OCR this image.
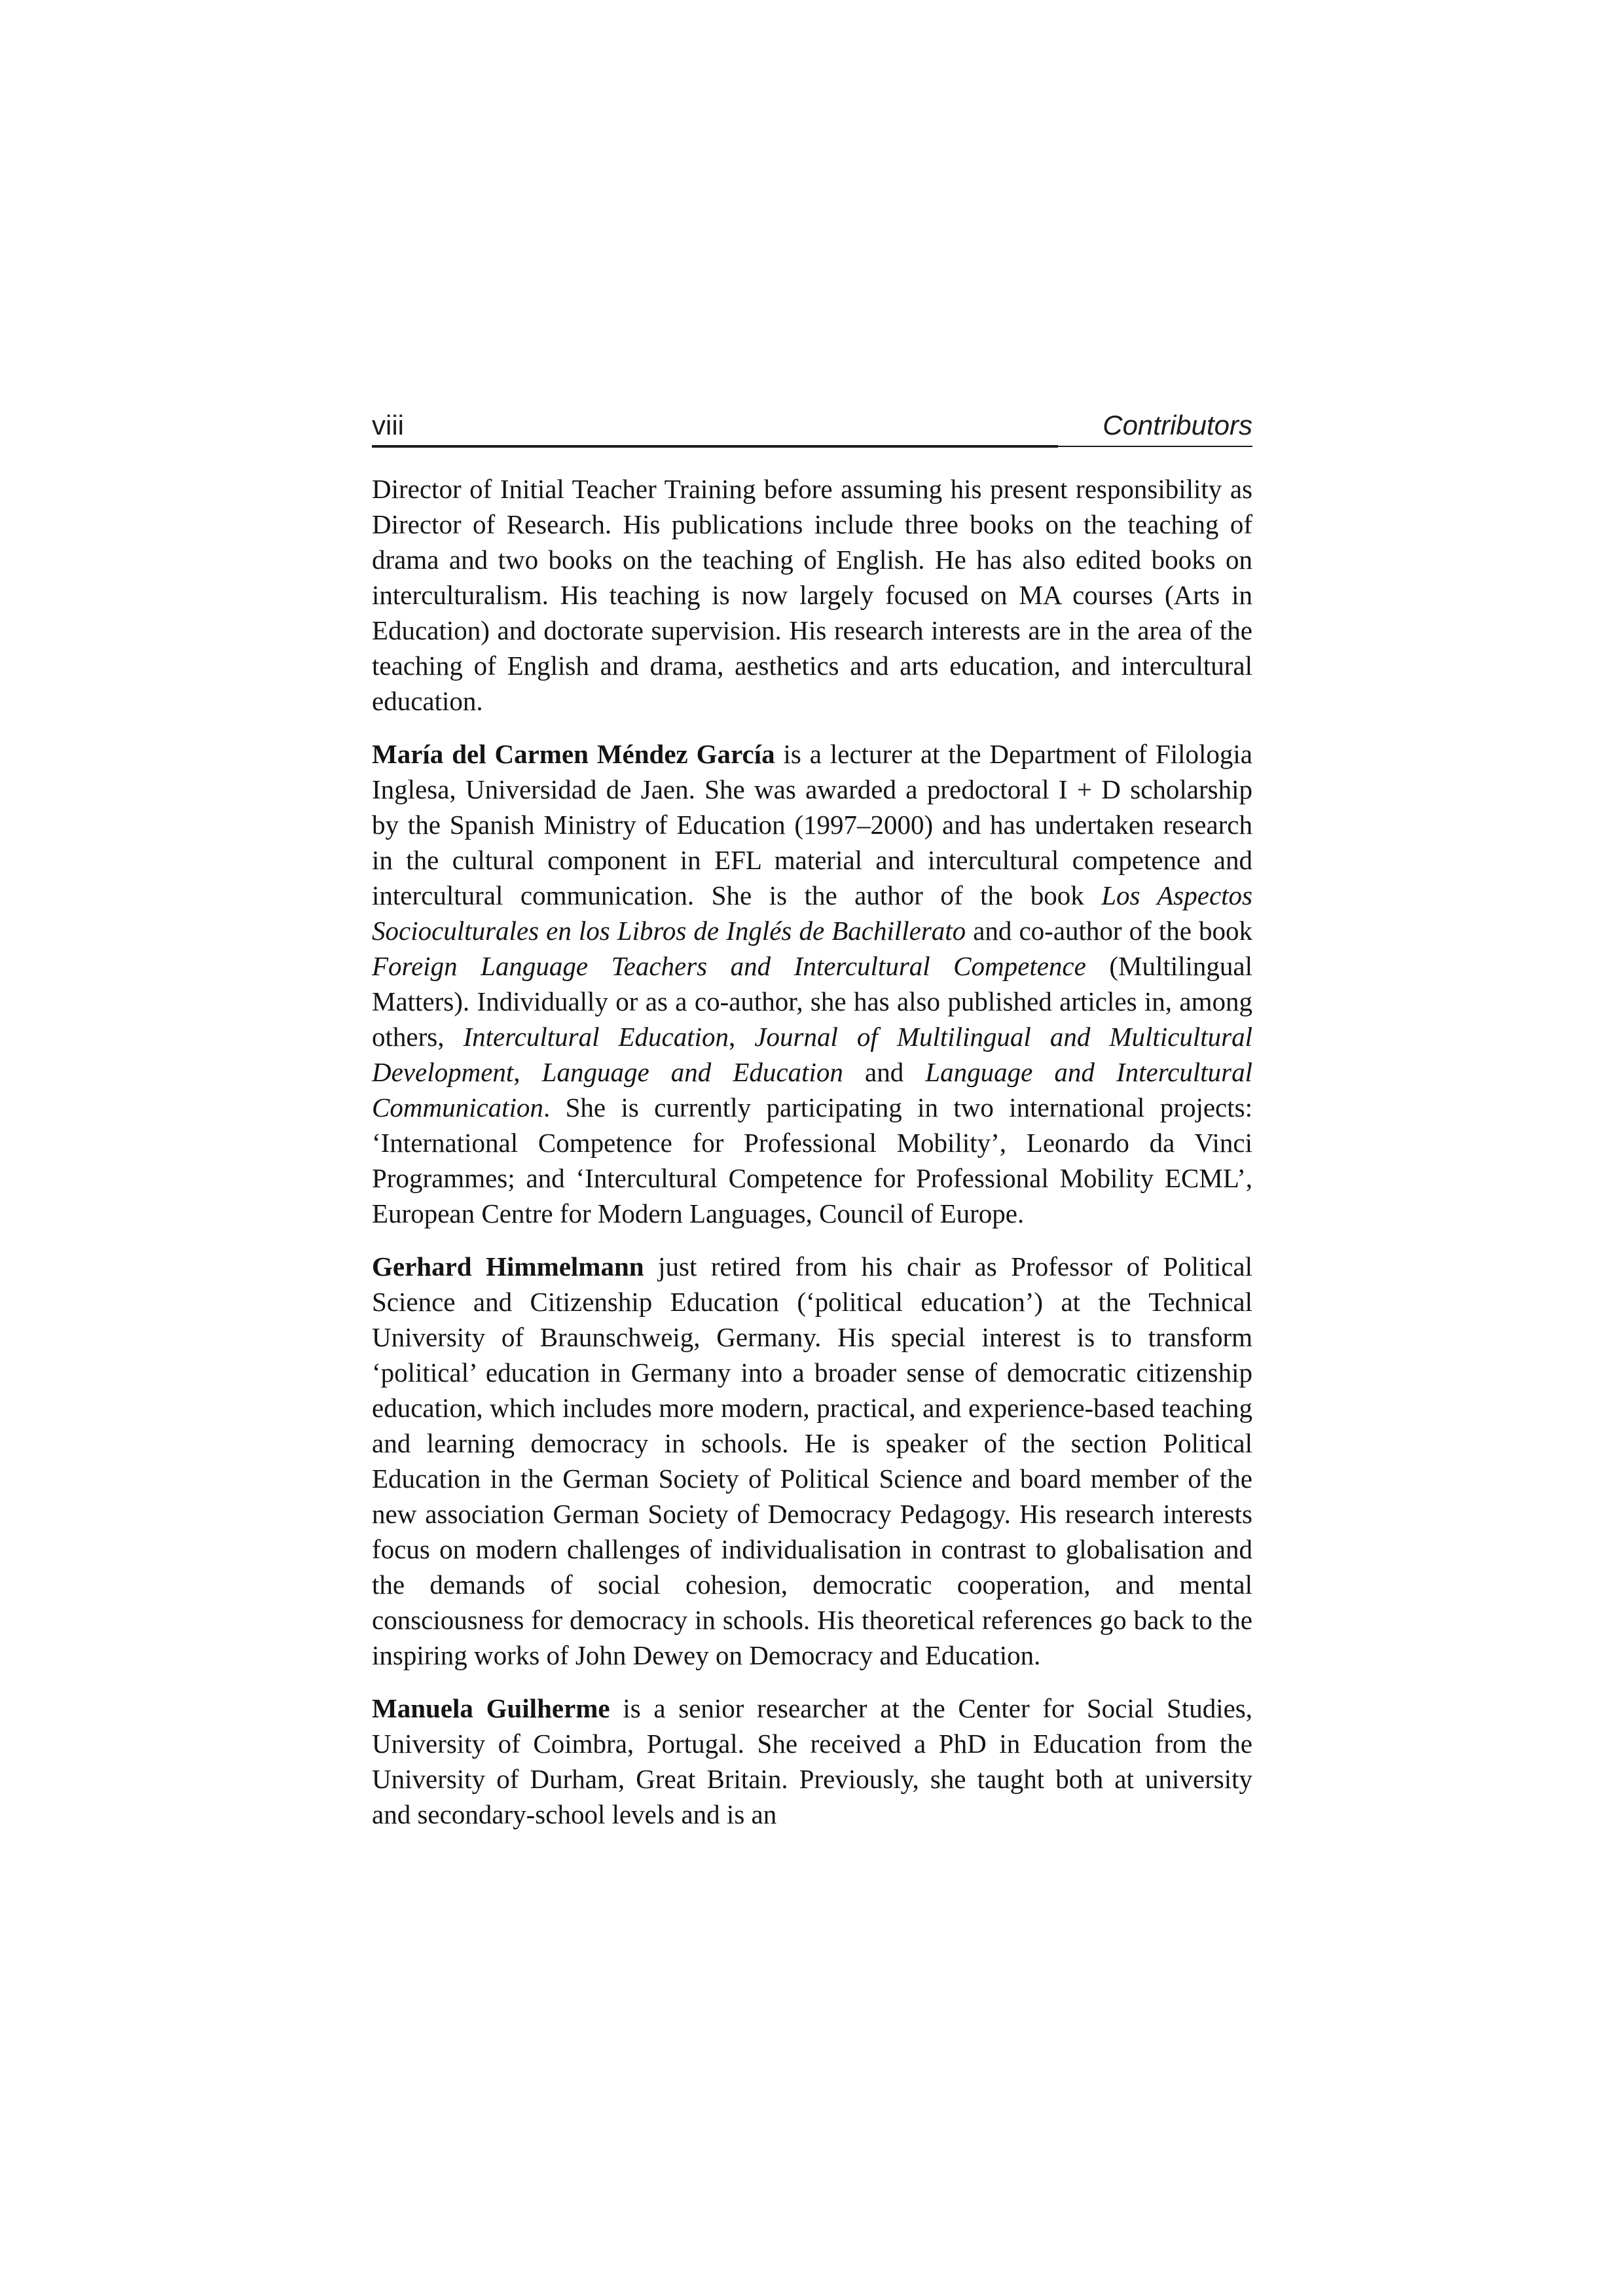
viii	Contributors

Director of Initial Teacher Training before assuming his present responsibility as Director of Research. His publications include three books on the teaching of drama and two books on the teaching of English. He has also edited books on interculturalism. His teaching is now largely focused on MA courses (Arts in Education) and doctorate supervision. His research interests are in the area of the teaching of English and drama, aesthetics and arts education, and intercultural education.

María del Carmen Méndez García is a lecturer at the Department of Filologia Inglesa, Universidad de Jaen. She was awarded a predoctoral I + D scholarship by the Spanish Ministry of Education (1997–2000) and has undertaken research in the cultural component in EFL material and intercultural competence and intercultural communication. She is the author of the book Los Aspectos Socioculturales en los Libros de Inglés de Bachillerato and co-author of the book Foreign Language Teachers and Intercultural Competence (Multilingual Matters). Individually or as a co-author, she has also published articles in, among others, Intercultural Education, Journal of Multilingual and Multicultural Development, Language and Education and Language and Intercultural Communication. She is currently participating in two international projects: ‘International Competence for Professional Mobility’, Leonardo da Vinci Programmes; and ‘Intercultural Competence for Professional Mobility ECML’, European Centre for Modern Languages, Council of Europe.

Gerhard Himmelmann just retired from his chair as Professor of Political Science and Citizenship Education (‘political education’) at the Technical University of Braunschweig, Germany. His special interest is to transform ‘political’ education in Germany into a broader sense of democratic citizenship education, which includes more modern, practical, and experience-based teaching and learning democracy in schools. He is speaker of the section Political Education in the German Society of Political Science and board member of the new association German Society of Democracy Pedagogy. His research interests focus on modern challenges of individualisation in contrast to globalisation and the demands of social cohesion, democratic cooperation, and mental consciousness for democracy in schools. His theoretical references go back to the inspiring works of John Dewey on Democracy and Education.

Manuela Guilherme is a senior researcher at the Center for Social Studies, University of Coimbra, Portugal. She received a PhD in Education from the University of Durham, Great Britain. Previously, she taught both at university and secondary-school levels and is an
